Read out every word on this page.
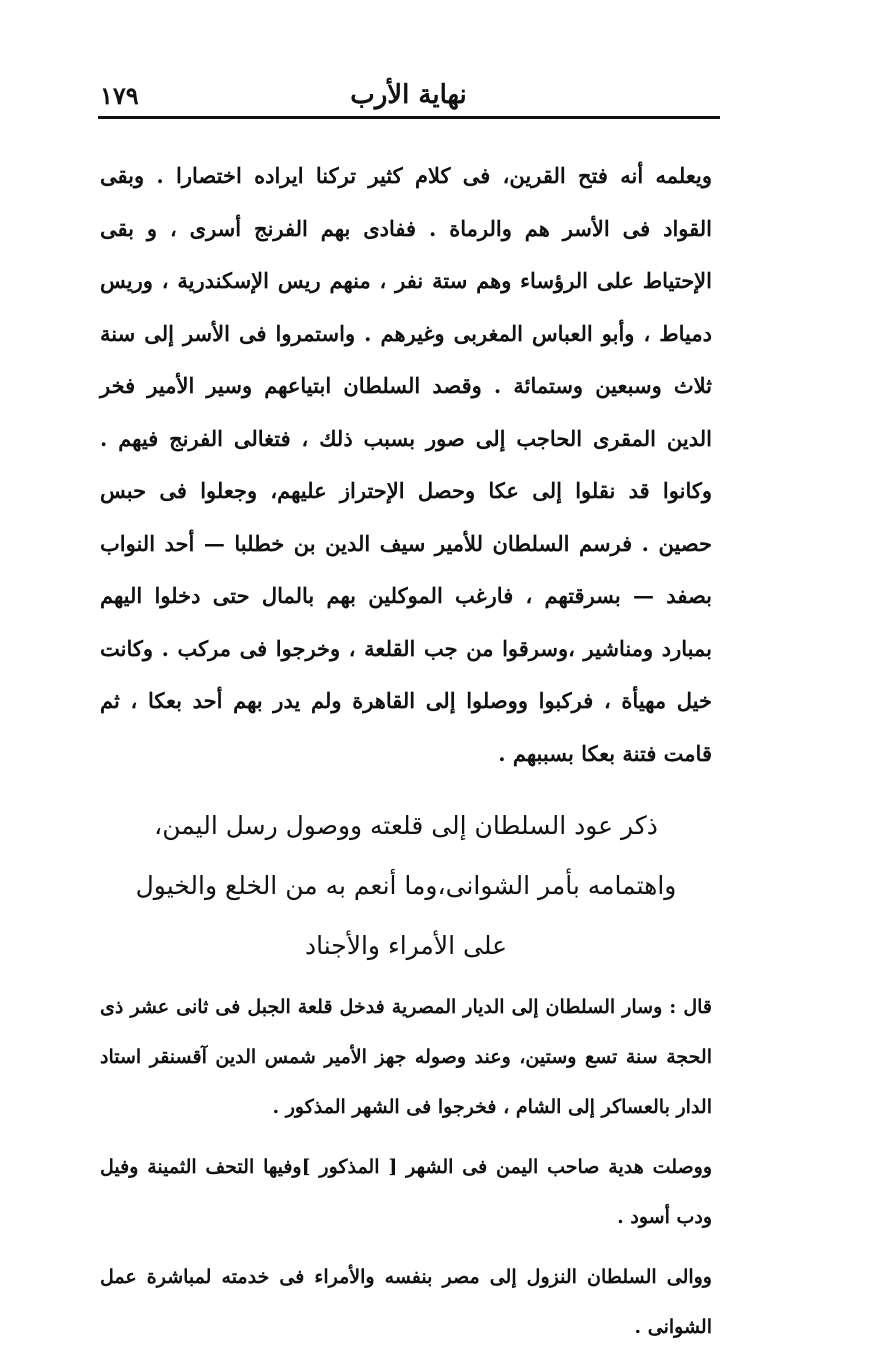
نهاية الأرب
١٧٩

ويعلمه أنه فتح القرين، فى كلام كثير تركنا ايراده اختصارا . وبقى القواد فى الأسر هم والرماة . ففادى بهم الفرنج أسرى ، و بقى الإحتياط على الرؤساء وهم ستة نفر ، منهم ريس الإسكندرية ، وريس دمياط ، وأبو العباس المغربى وغيرهم . واستمروا فى الأسر إلى سنة ثلاث وسبعين وستمائة . وقصد السلطان ابتياعهم وسير الأمير فخر الدين المقرى الحاجب إلى صور بسبب ذلك ، فتغالى الفرنج فيهم . وكانوا قد نقلوا إلى عكا وحصل الإحتراز عليهم، وجعلوا فى حبس حصين . فرسم السلطان للأمير سيف الدين بن خطلبا — أحد النواب بصفد — بسرقتهم ، فارغب الموكلين بهم بالمال حتى دخلوا اليهم بمبارد ومناشير ،وسرقوا من جب القلعة ، وخرجوا فى مركب . وكانت خيل مهيأة ، فركبوا ووصلوا إلى القاهرة ولم يدر بهم أحد بعكا ، ثم قامت فتنة بعكا بسببهم .

ذكر عود السلطان إلى قلعته ووصول رسل اليمن،
واهتمامه بأمر الشوانى،وما أنعم به من الخلع والخيول
على الأمراء والأجناد

قال : وسار السلطان إلى الديار المصرية فدخل قلعة الجبل فى ثانى عشر ذى الحجة سنة تسع وستين، وعند وصوله جهز الأمير شمس الدين آقسنقر استاد الدار بالعساكر إلى الشام ، فخرجوا فى الشهر المذكور .

ووصلت هدية صاحب اليمن فى الشهر [ المذكور ]وفيها التحف الثمينة وفيل ودب أسود .

ووالى السلطان النزول إلى مصر بنفسه والأمراء فى خدمته لمباشرة عمل الشوانى .
